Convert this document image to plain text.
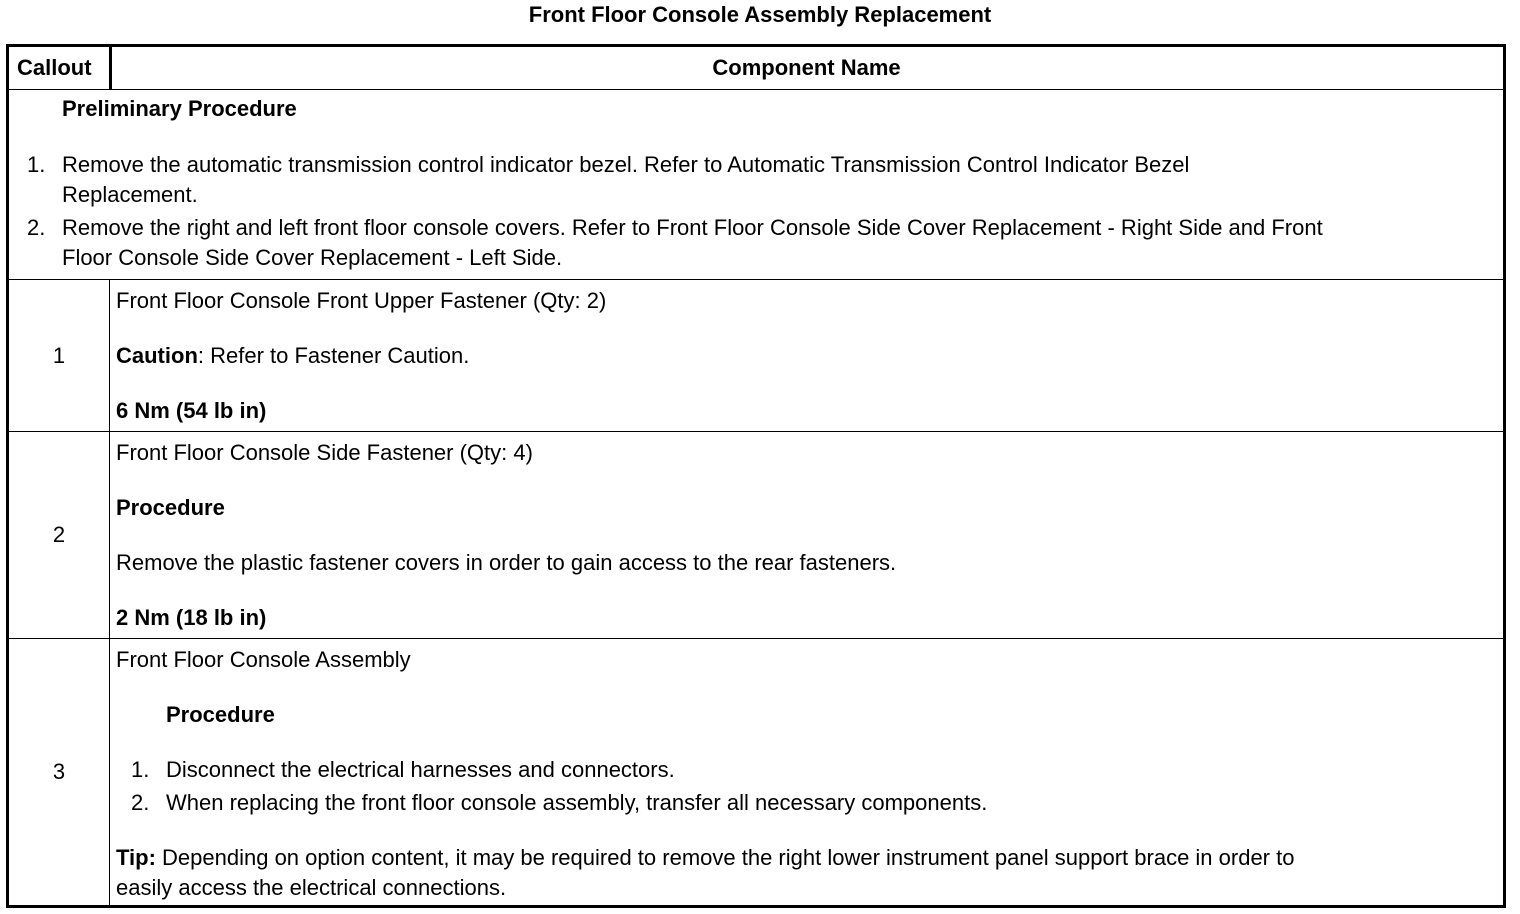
Front Floor Console Assembly Replacement
Callout	Component Name
Preliminary Procedure
1. Remove the automatic transmission control indicator bezel. Refer to Automatic Transmission Control Indicator Bezel
Replacement.
2. Remove the right and left front floor console covers. Refer to Front Floor Console Side Cover Replacement - Right Side and Front
Floor Console Side Cover Replacement - Left Side.
1
Front Floor Console Front Upper Fastener (Qty: 2)
Caution: Refer to Fastener Caution.
6 Nm (54 lb in)
2
Front Floor Console Side Fastener (Qty: 4)
Procedure
Remove the plastic fastener covers in order to gain access to the rear fasteners.
2 Nm (18 lb in)
3
Front Floor Console Assembly
Procedure
1. Disconnect the electrical harnesses and connectors.
2. When replacing the front floor console assembly, transfer all necessary components.
Tip: Depending on option content, it may be required to remove the right lower instrument panel support brace in order to
easily access the electrical connections.
